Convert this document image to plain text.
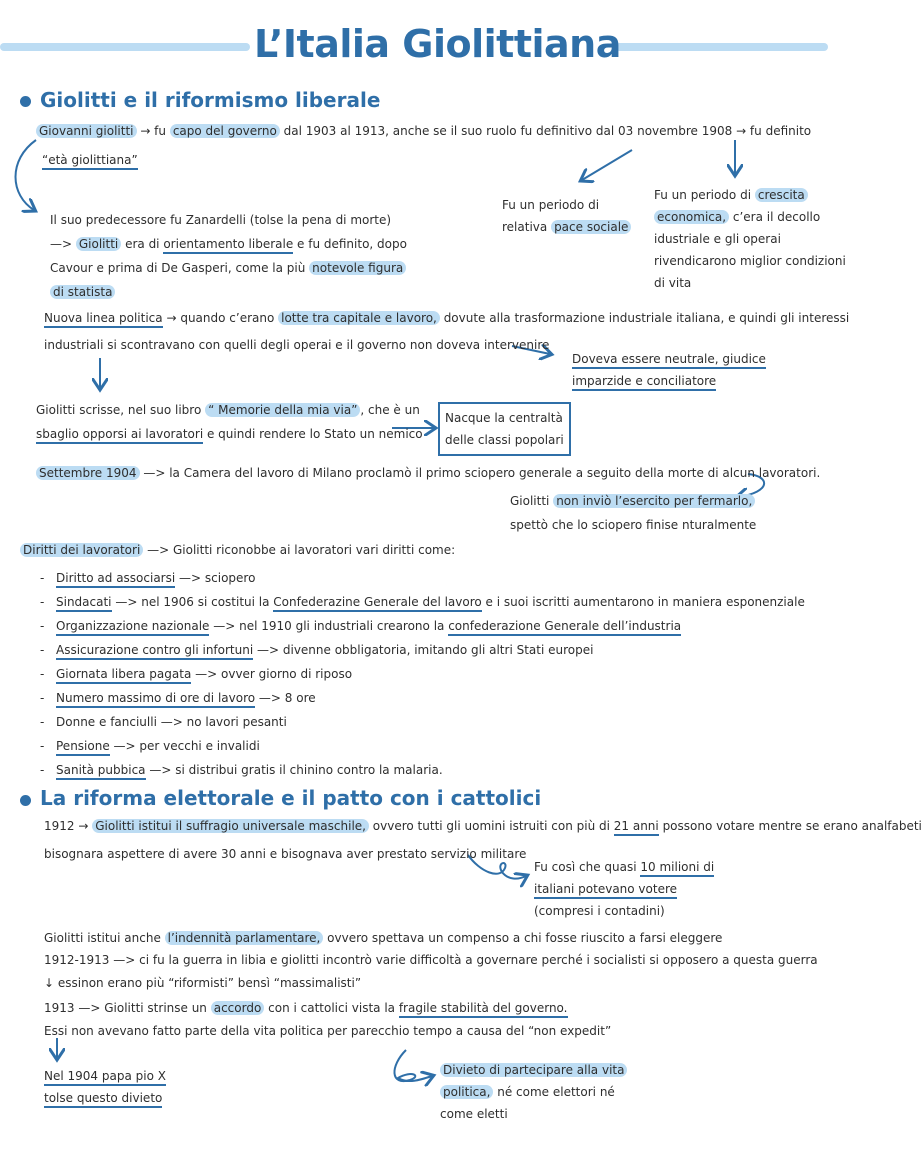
L’Italia Giolittiana
Giolitti e il riformismo liberale
Giovanni giolitti → fu capo del governo dal 1903 al 1913, anche se il suo ruolo fu definitivo dal 03 novembre 1908 → fu definito
“età giolittiana”
Fu un periodo di
relativa pace sociale
Fu un periodo di crescita
economica, c’era il decollo
idustriale e gli operai
rivendicarono miglior condizioni
di vita
Il suo predecessore fu Zanardelli (tolse la pena di morte)
—> Giolitti era di orientamento liberale e fu definito, dopo
Cavour e prima di De Gasperi, come la più notevole figura
di statista
Nuova linea politica → quando c’erano lotte tra capitale e lavoro, dovute alla trasformazione industriale italiana, e quindi gli interessi
industriali si scontravano con quelli degli operai e il governo non doveva intervenire
Doveva essere neutrale, giudice
imparzide e conciliatore
Giolitti scrisse, nel suo libro “ Memorie della mia via” , che è un
sbaglio opporsi ai lavoratori e quindi rendere lo Stato un nemico
Nacque la centraltà
delle classi popolari
Settembre 1904 —> la Camera del lavoro di Milano proclamò il primo sciopero generale a seguito della morte di alcun lavoratori.
Giolitti non inviò l’esercito per fermarlo,
spettò che lo sciopero finise nturalmente
Diritti dei lavoratori —> Giolitti riconobbe ai lavoratori vari diritti come:
- Diritto ad associarsi —> sciopero
- Sindacati —> nel 1906 si costitui la Confederazine Generale del lavoro e i suoi iscritti aumentarono in maniera esponenziale
- Organizzazione nazionale —> nel 1910 gli industriali crearono la confederazione Generale dell’industria
- Assicurazione contro gli infortuni —> divenne obbligatoria, imitando gli altri Stati europei
- Giornata libera pagata —> ovver giorno di riposo
- Numero massimo di ore di lavoro —> 8 ore
- Donne e fanciulli —> no lavori pesanti
- Pensione —> per vecchi e invalidi
- Sanità pubbica —> si distribui gratis il chinino contro la malaria.
La riforma elettorale e il patto con i cattolici
1912 → Giolitti istitui il suffragio universale maschile, ovvero tutti gli uomini istruiti con più di 21 anni possono votare mentre se erano analfabeti
bisognara aspettere di avere 30 anni e bisognava aver prestato servizio militare
Fu così che quasi 10 milioni di
italiani potevano votere
(compresi i contadini)
Giolitti istitui anche l’indennità parlamentare, ovvero spettava un compenso a chi fosse riuscito a farsi eleggere
1912-1913 —> ci fu la guerra in libia e giolitti incontrò varie difficoltà a governare perché i socialisti si opposero a questa guerra
↓ essinon erano più “riformisti” bensì “massimalisti”
1913 —> Giolitti strinse un accordo con i cattolici vista la fragile stabilità del governo.
Essi non avevano fatto parte della vita politica per parecchio tempo a causa del “non expedit”
Nel 1904 papa pio X
tolse questo divieto
Divieto di partecipare alla vita
politica, né come elettori né
come eletti
